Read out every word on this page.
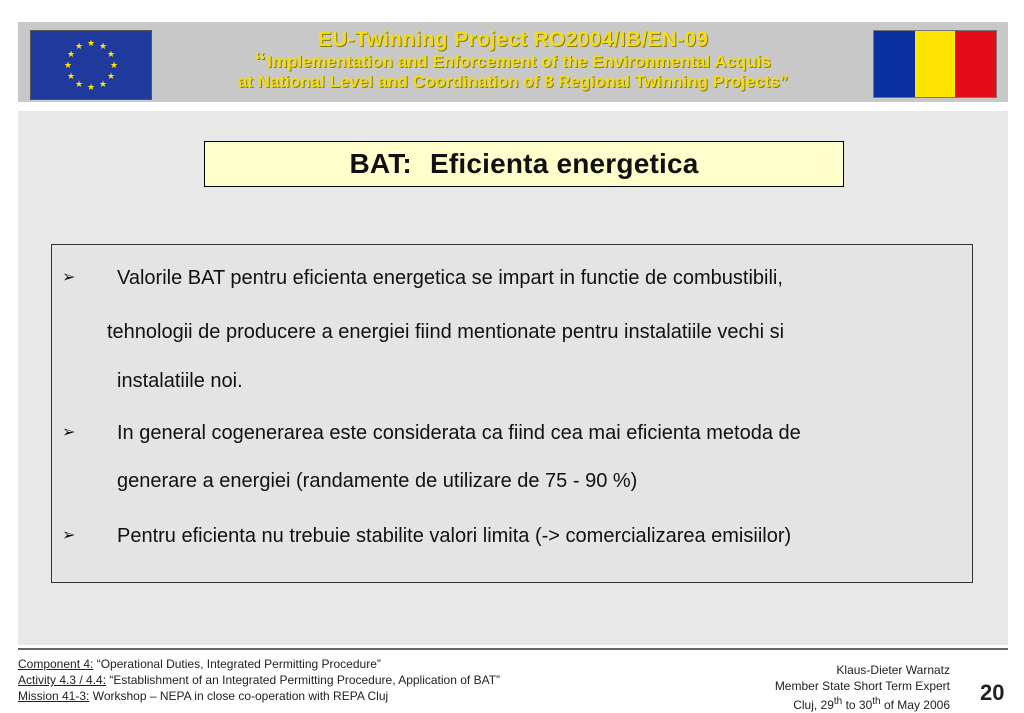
★ ★
★
★
★
★
★
★
★
★
★
★	EU-Twinning Project RO2004/IB/EN-09
“ Implementation and Enforcement of the Environmental Acquis
at National Level and Coordination of 8 Regional Twinning Projects”
BAT: Eficienta energetica
➢ Valorile BAT pentru eficienta energetica se impart in functie de combustibili,
tehnologii de producere a energiei fiind mentionate pentru instalatiile vechi si
instalatiile noi.
➢ In general cogenerarea este considerata ca fiind cea mai eficienta metoda de
generare a energiei (randamente de utilizare de 75 - 90 %)
➢ Pentru eficienta nu trebuie stabilite valori limita (-> comercializarea emisiilor)
Component 4: “Operational Duties, Integrated Permitting Procedure”
Activity 4.3 / 4.4: “Establishment of an Integrated Permitting Procedure, Application of BAT”
Mission 41-3: Workshop – NEPA in close co-operation with REPA Cluj
Klaus-Dieter Warnatz
Member State Short Term Expert
Cluj, 29th to 30th of May 2006 20
